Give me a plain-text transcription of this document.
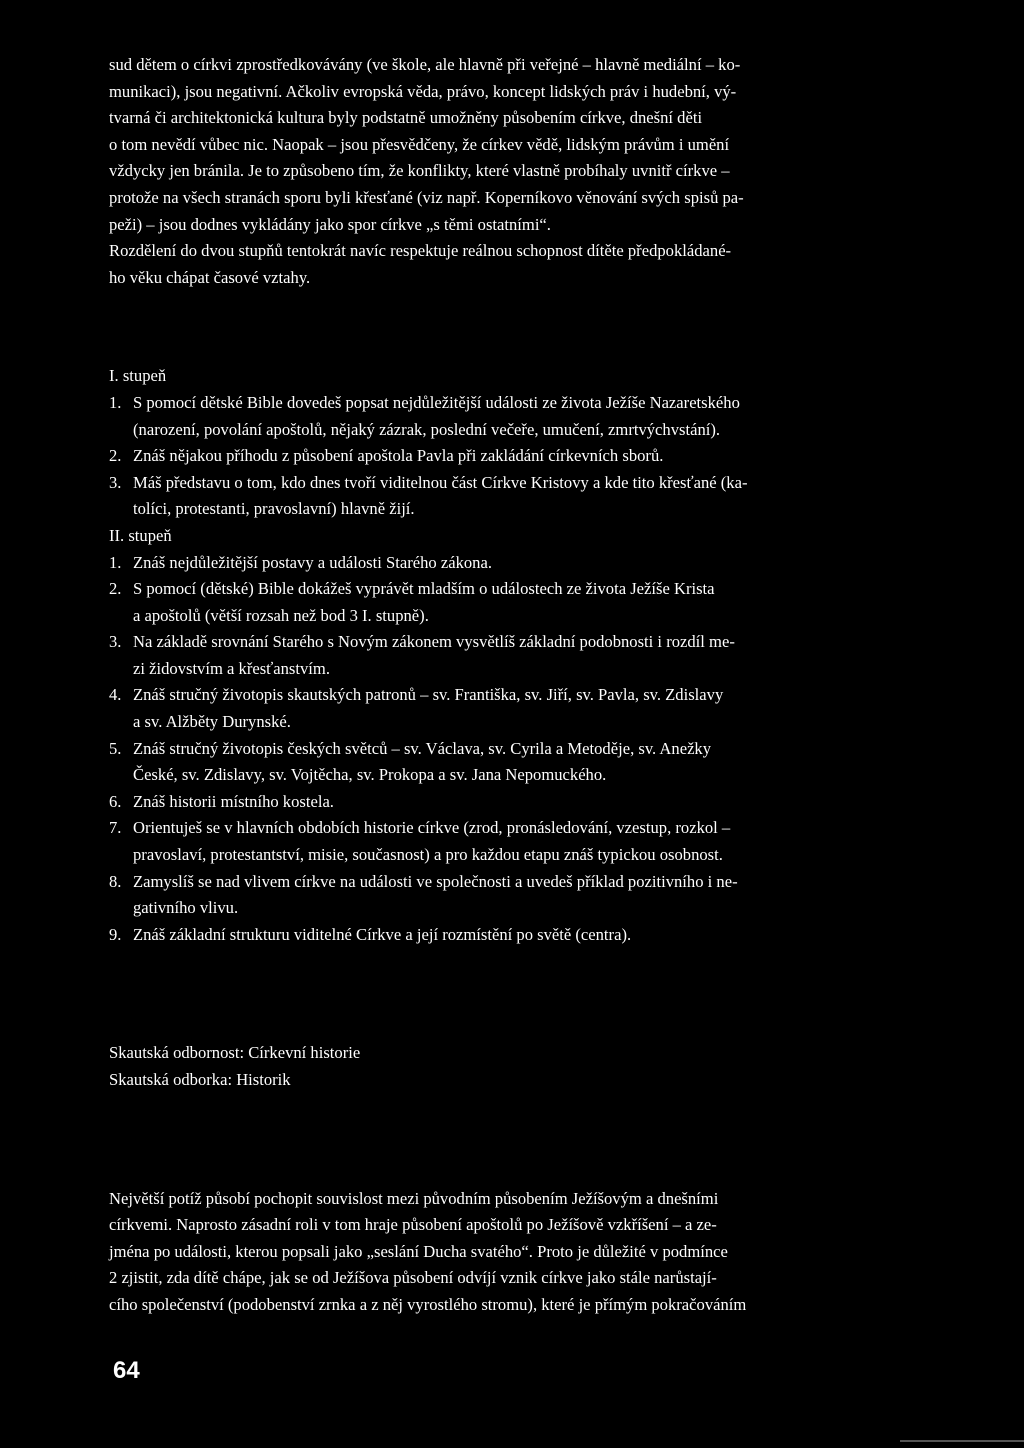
sud dětem o církvi zprostředkovávány (ve škole, ale hlavně při veřejné – hlavně mediální – ko-
munikaci), jsou negativní. Ačkoliv evropská věda, právo, koncept lidských práv i hudební, vý-
tvarná či architektonická kultura byly podstatně umožněny působením církve, dnešní děti
o tom nevědí vůbec nic. Naopak – jsou přesvědčeny, že církev vědě, lidským právům i umění
vždycky jen bránila. Je to způsobeno tím, že konflikty, které vlastně probíhaly uvnitř církve –
protože na všech stranách sporu byli křesťané (viz např. Koperníkovo věnování svých spisů pa-
peži) – jsou dodnes vykládány jako spor církve „s těmi ostatními“.
Rozdělení do dvou stupňů tentokrát navíc respektuje reálnou schopnost dítěte předpokládané-
ho věku chápat časové vztahy.
I. stupeň
1. S pomocí dětské Bible dovedeš popsat nejdůležitější události ze života Ježíše Nazaretského
(narození, povolání apoštolů, nějaký zázrak, poslední večeře, umučení, zmrtvýchvstání).
2. Znáš nějakou příhodu z působení apoštola Pavla při zakládání církevních sborů.
3. Máš představu o tom, kdo dnes tvoří viditelnou část Církve Kristovy a kde tito křesťané (ka-
tolíci, protestanti, pravoslavní) hlavně žijí.
II. stupeň
1. Znáš nejdůležitější postavy a události Starého zákona.
2. S pomocí (dětské) Bible dokážeš vyprávět mladším o událostech ze života Ježíše Krista
a apoštolů (větší rozsah než bod 3 I. stupně).
3. Na základě srovnání Starého s Novým zákonem vysvětlíš základní podobnosti i rozdíl me-
zi židovstvím a křesťanstvím.
4. Znáš stručný životopis skautských patronů – sv. Františka, sv. Jiří, sv. Pavla, sv. Zdislavy
a sv. Alžběty Durynské.
5. Znáš stručný životopis českých světců – sv. Václava, sv. Cyrila a Metoděje, sv. Anežky
České, sv. Zdislavy, sv. Vojtěcha, sv. Prokopa a sv. Jana Nepomuckého.
6. Znáš historii místního kostela.
7. Orientuješ se v hlavních obdobích historie církve (zrod, pronásledování, vzestup, rozkol –
pravoslaví, protestantství, misie, současnost) a pro každou etapu znáš typickou osobnost.
8. Zamyslíš se nad vlivem církve na události ve společnosti a uvedeš příklad pozitivního i ne-
gativního vlivu.
9. Znáš základní strukturu viditelné Církve a její rozmístění po světě (centra).
Skautská odbornost: Církevní historie
Skautská odborka: Historik
Největší potíž působí pochopit souvislost mezi původním působením Ježíšovým a dnešními
církvemi. Naprosto zásadní roli v tom hraje působení apoštolů po Ježíšově vzkříšení – a ze-
jména po události, kterou popsali jako „seslání Ducha svatého“. Proto je důležité v podmínce
2 zjistit, zda dítě chápe, jak se od Ježíšova působení odvíjí vznik církve jako stále narůstají-
cího společenství (podobenství zrnka a z něj vyrostlého stromu), které je přímým pokračováním
64
